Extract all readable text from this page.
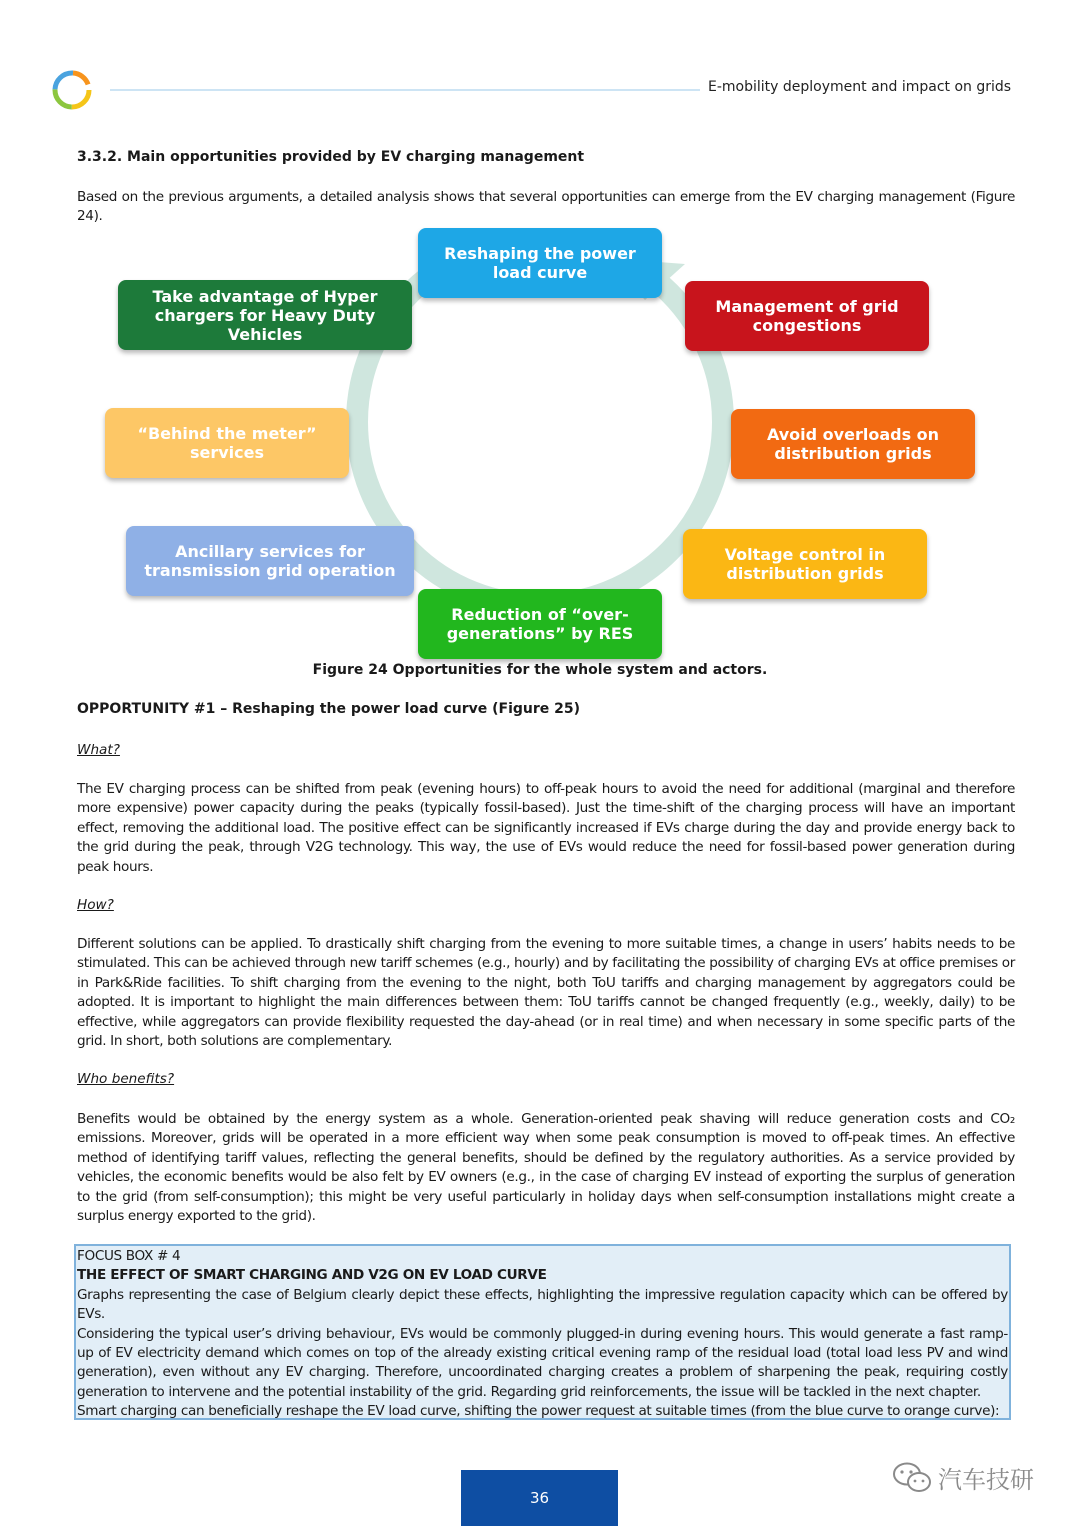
E-mobility deployment and impact on grids
3.3.2. Main opportunities provided by EV charging management

Based on the previous arguments, a detailed analysis shows that several opportunities can emerge from the EV charging management (Figure 24).

Reshaping the power load curve
Management of grid congestions
Avoid overloads on distribution grids
Voltage control in distribution grids
Reduction of “over-generations” by RES
Ancillary services for transmission grid operation
“Behind the meter” services
Take advantage of Hyper chargers for Heavy Duty Vehicles
Figure 24 Opportunities for the whole system and actors.
OPPORTUNITY #1 – Reshaping the power load curve (Figure 25)
What?

The EV charging process can be shifted from peak (evening hours) to off-peak hours to avoid the need for additional (marginal and therefore more expensive) power capacity during the peaks (typically fossil-based). Just the time-shift of the charging process will have an important effect, removing the additional load. The positive effect can be significantly increased if EVs charge during the day and provide energy back to the grid during the peak, through V2G technology. This way, the use of EVs would reduce the need for fossil-based power generation during peak hours.

How?

Different solutions can be applied. To drastically shift charging from the evening to more suitable times, a change in users’ habits needs to be stimulated. This can be achieved through new tariff schemes (e.g., hourly) and by facilitating the possibility of charging EVs at office premises or in Park&Ride facilities. To shift charging from the evening to the night, both ToU tariffs and charging management by aggregators could be adopted. It is important to highlight the main differences between them: ToU tariffs cannot be changed frequently (e.g., weekly, daily) to be effective, while aggregators can provide flexibility requested the day-ahead (or in real time) and when necessary in some specific parts of the grid. In short, both solutions are complementary.

Who benefits?

Benefits would be obtained by the energy system as a whole. Generation-oriented peak shaving will reduce generation costs and CO₂ emissions. Moreover, grids will be operated in a more efficient way when some peak consumption is moved to off-peak times. An effective method of identifying tariff values, reflecting the general benefits, should be defined by the regulatory authorities. As a service provided by vehicles, the economic benefits would be also felt by EV owners (e.g., in the case of charging EV instead of exporting the surplus of generation to the grid (from self-consumption); this might be very useful particularly in holiday days when self-consumption installations might create a surplus energy exported to the grid).

FOCUS BOX # 4

THE EFFECT OF SMART CHARGING AND V2G ON EV LOAD CURVE

Graphs representing the case of Belgium clearly depict these effects, highlighting the impressive regulation capacity which can be offered by EVs.

Considering the typical user’s driving behaviour, EVs would be commonly plugged-in during evening hours. This would generate a fast ramp-up of EV electricity demand which comes on top of the already existing critical evening ramp of the residual load (total load less PV and wind generation), even without any EV charging. Therefore, uncoordinated charging creates a problem of sharpening the peak, requiring costly generation to intervene and the potential instability of the grid. Regarding grid reinforcements, the issue will be tackled in the next chapter.

Smart charging can beneficially reshape the EV load curve, shifting the power request at suitable times (from the blue curve to orange curve):

36
汽车技研
